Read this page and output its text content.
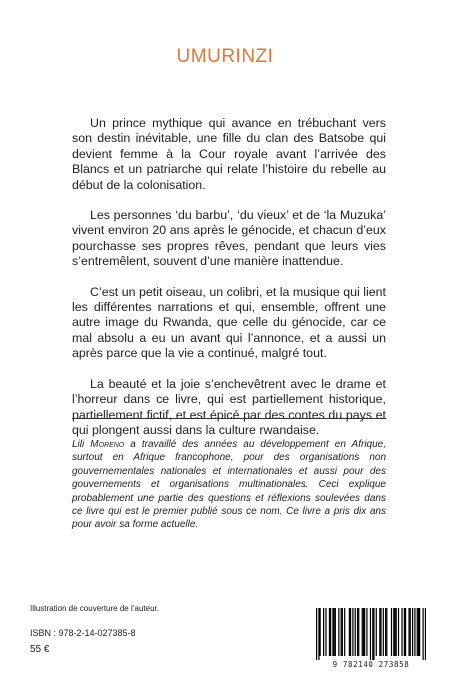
UMURINZI

Un prince mythique qui avance en trébuchant vers son destin inévitable, une fille du clan des Batsobe qui devient femme à la Cour royale avant l’arrivée des Blancs et un patriarche qui relate l’histoire du rebelle au début de la colonisation.

Les personnes ‘du barbu’, ‘du vieux’ et de ‘la Muzuka’ vivent environ 20 ans après le génocide, et chacun d’eux pourchasse ses propres rêves, pendant que leurs vies s’entremêlent, souvent d’une manière inattendue.

C’est un petit oiseau, un colibri, et la musique qui lient les différentes narrations et qui, ensemble, offrent une autre image du Rwanda, que celle du génocide, car ce mal absolu a eu un avant qui l’annonce, et a aussi un après parce que la vie a continué, malgré tout.

La beauté et la joie s’enchevêtrent avec le drame et l’horreur dans ce livre, qui est partiellement historique, partiellement fictif, et est épicé par des contes du pays et qui plongent aussi dans la culture rwandaise.

Lili Moreno a travaillé des années au développement en Afrique, surtout en Afrique francophone, pour des organisations non gouvernementales nationales et internationales et aussi pour des gouvernements et organisations multinationales. Ceci explique probablement une partie des questions et réflexions soulevées dans ce livre qui est le premier publié sous ce nom. Ce livre a pris dix ans pour avoir sa forme actuelle.
Illustration de couverture de l’auteur.
ISBN : 978-2-14-027385-8
55 €
9 782140 273858
